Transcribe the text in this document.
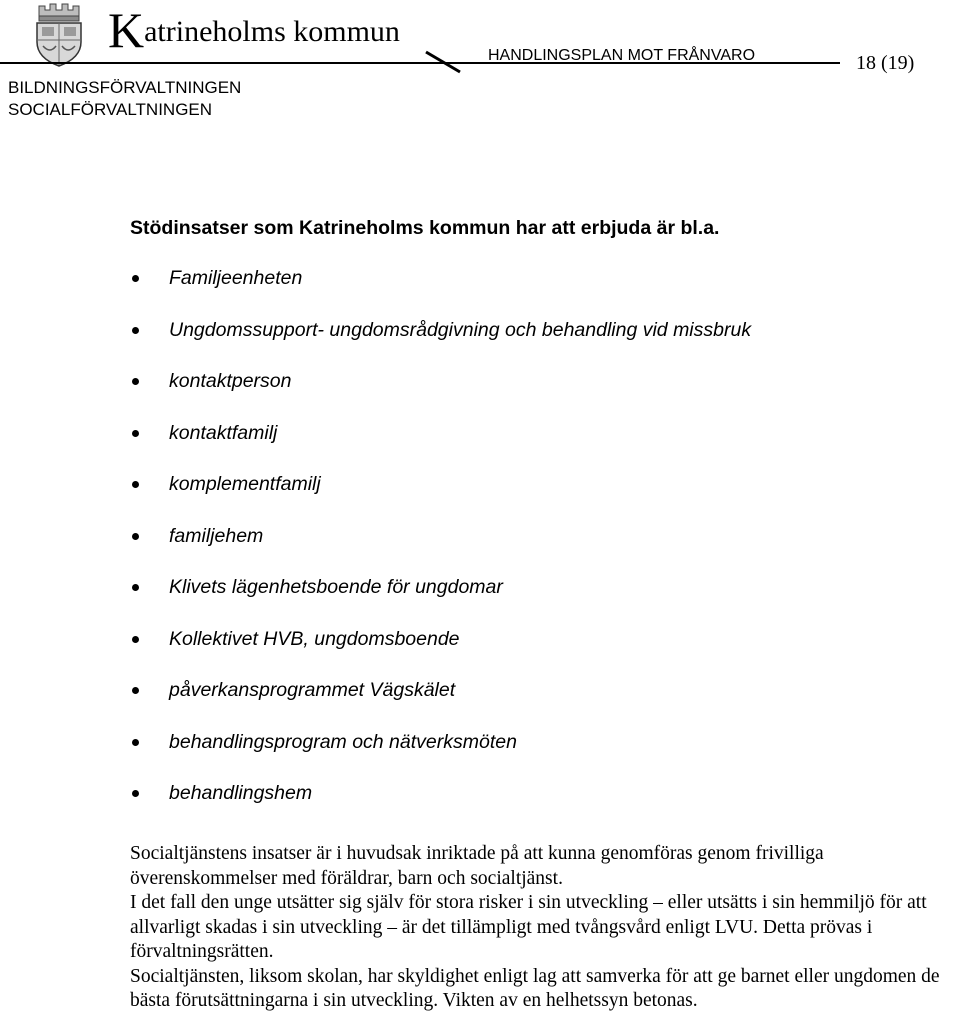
Katrineholms kommun
HANDLINGSPLAN MOT FRÅNVARO	18 (19)
BILDNINGSFÖRVALTNINGEN
SOCIALFÖRVALTNINGEN
Stödinsatser som Katrineholms kommun har att erbjuda är bl.a.
Familjeenheten
Ungdomssupport- ungdomsrådgivning och behandling vid missbruk
kontaktperson
kontaktfamilj
komplementfamilj
familjehem
Klivets lägenhetsboende för ungdomar
Kollektivet HVB, ungdomsboende
påverkansprogrammet Vägskälet
behandlingsprogram och nätverksmöten
behandlingshem

Socialtjänstens insatser är i huvudsak inriktade på att kunna genomföras genom frivilliga överenskommelser med föräldrar, barn och socialtjänst.

I det fall den unge utsätter sig själv för stora risker i sin utveckling – eller utsätts i sin hemmiljö för att allvarligt skadas i sin utveckling – är det tillämpligt med tvångsvård enligt LVU. Detta prövas i förvaltningsrätten.

Socialtjänsten, liksom skolan, har skyldighet enligt lag att samverka för att ge barnet eller ungdomen de bästa förutsättningarna i sin utveckling. Vikten av en helhetssyn betonas.
